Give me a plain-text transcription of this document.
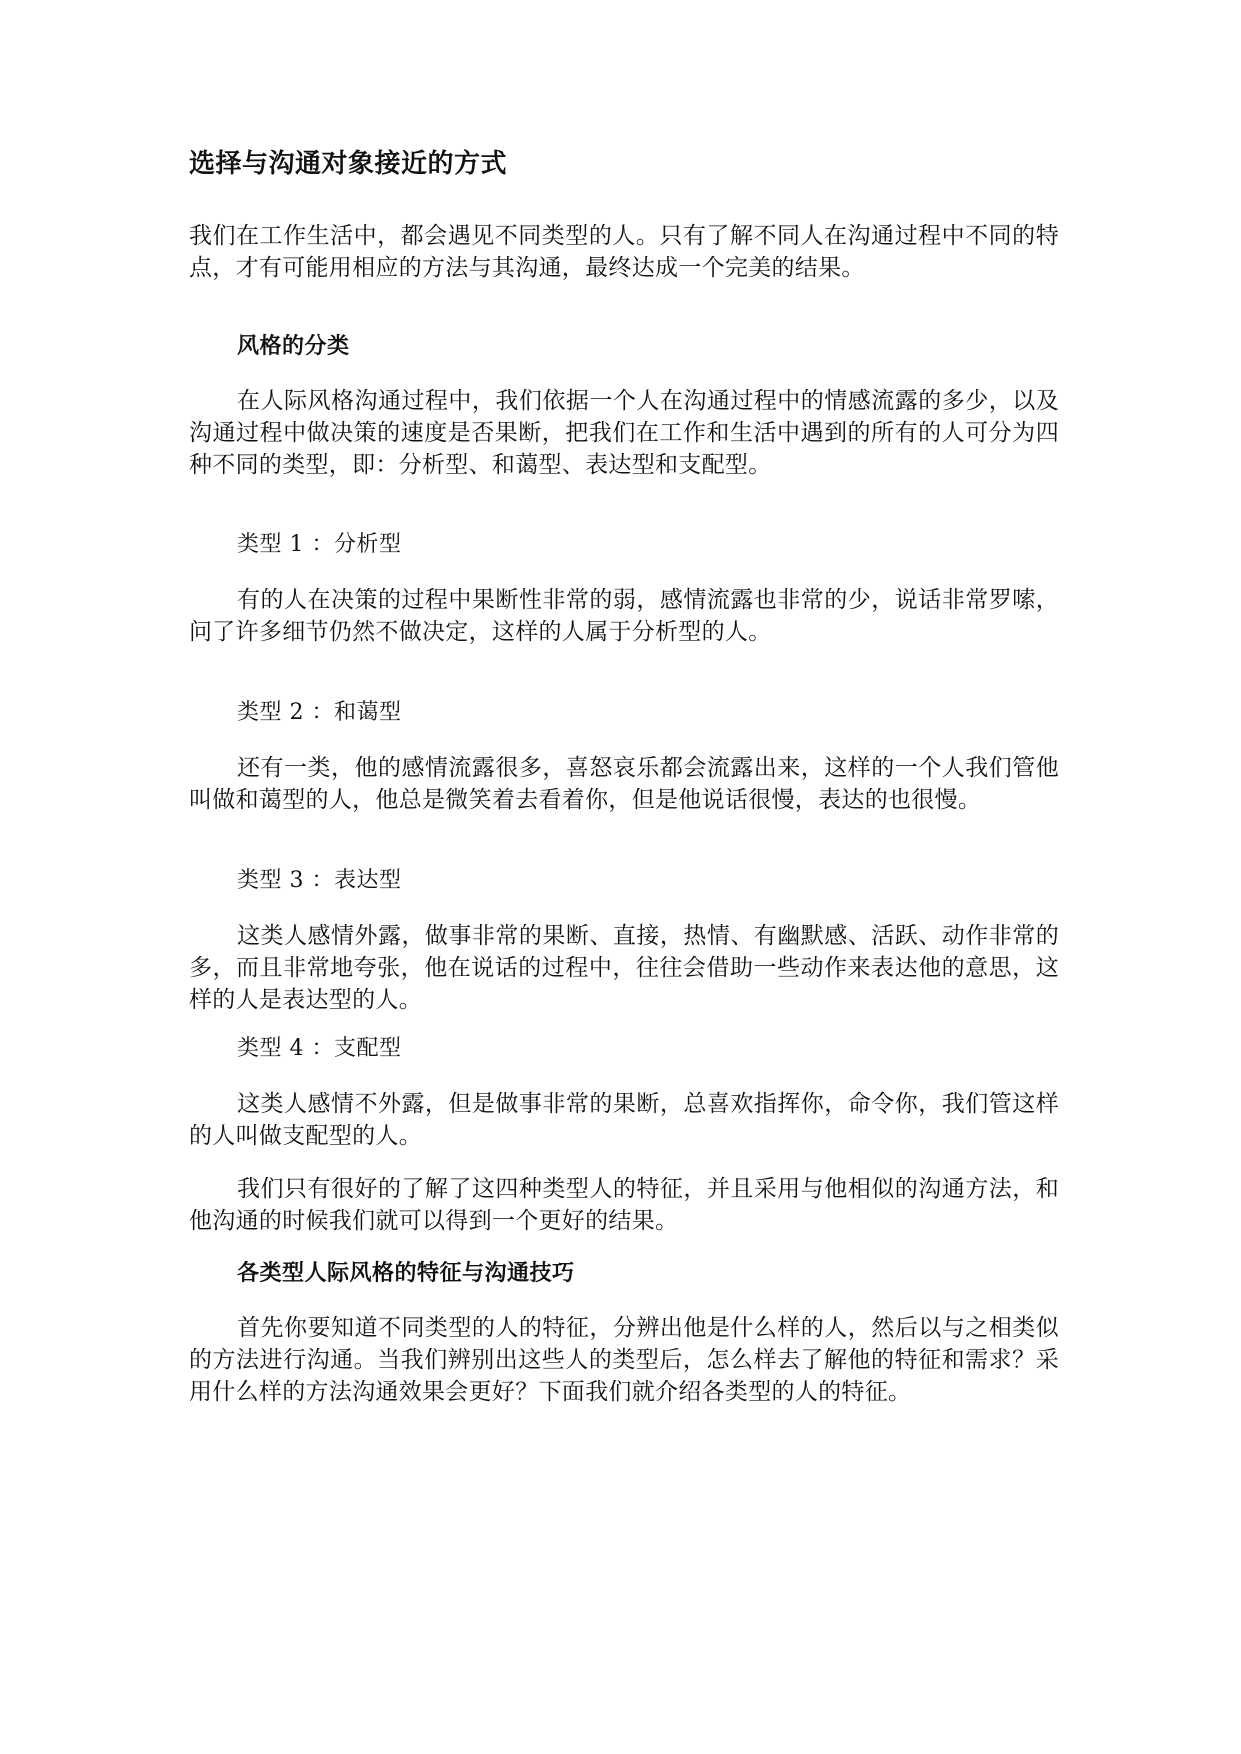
选择与沟通对象接近的方式

我们在工作生活中，都会遇见不同类型的人。只有了解不同人在沟通过程中不同的特点，才有可能用相应的方法与其沟通，最终达成一个完美的结果。

风格的分类

在人际风格沟通过程中，我们依据一个人在沟通过程中的情感流露的多少，以及沟通过程中做决策的速度是否果断，把我们在工作和生活中遇到的所有的人可分为四种不同的类型，即：分析型、和蔼型、表达型和支配型。

类型 1 ：分析型

有的人在决策的过程中果断性非常的弱，感情流露也非常的少，说话非常罗嗦，问了许多细节仍然不做决定，这样的人属于分析型的人。

类型 2 ：和蔼型

还有一类，他的感情流露很多，喜怒哀乐都会流露出来，这样的一个人我们管他叫做和蔼型的人，他总是微笑着去看着你，但是他说话很慢，表达的也很慢。

类型 3 ：表达型

这类人感情外露，做事非常的果断、直接，热情、有幽默感、活跃、动作非常的多，而且非常地夸张，他在说话的过程中，往往会借助一些动作来表达他的意思，这样的人是表达型的人。

类型 4 ：支配型

这类人感情不外露，但是做事非常的果断，总喜欢指挥你，命令你，我们管这样的人叫做支配型的人。

我们只有很好的了解了这四种类型人的特征，并且采用与他相似的沟通方法，和他沟通的时候我们就可以得到一个更好的结果。

各类型人际风格的特征与沟通技巧

首先你要知道不同类型的人的特征，分辨出他是什么样的人，然后以与之相类似的方法进行沟通。当我们辨别出这些人的类型后，怎么样去了解他的特征和需求？采用什么样的方法沟通效果会更好？下面我们就介绍各类型的人的特征。
